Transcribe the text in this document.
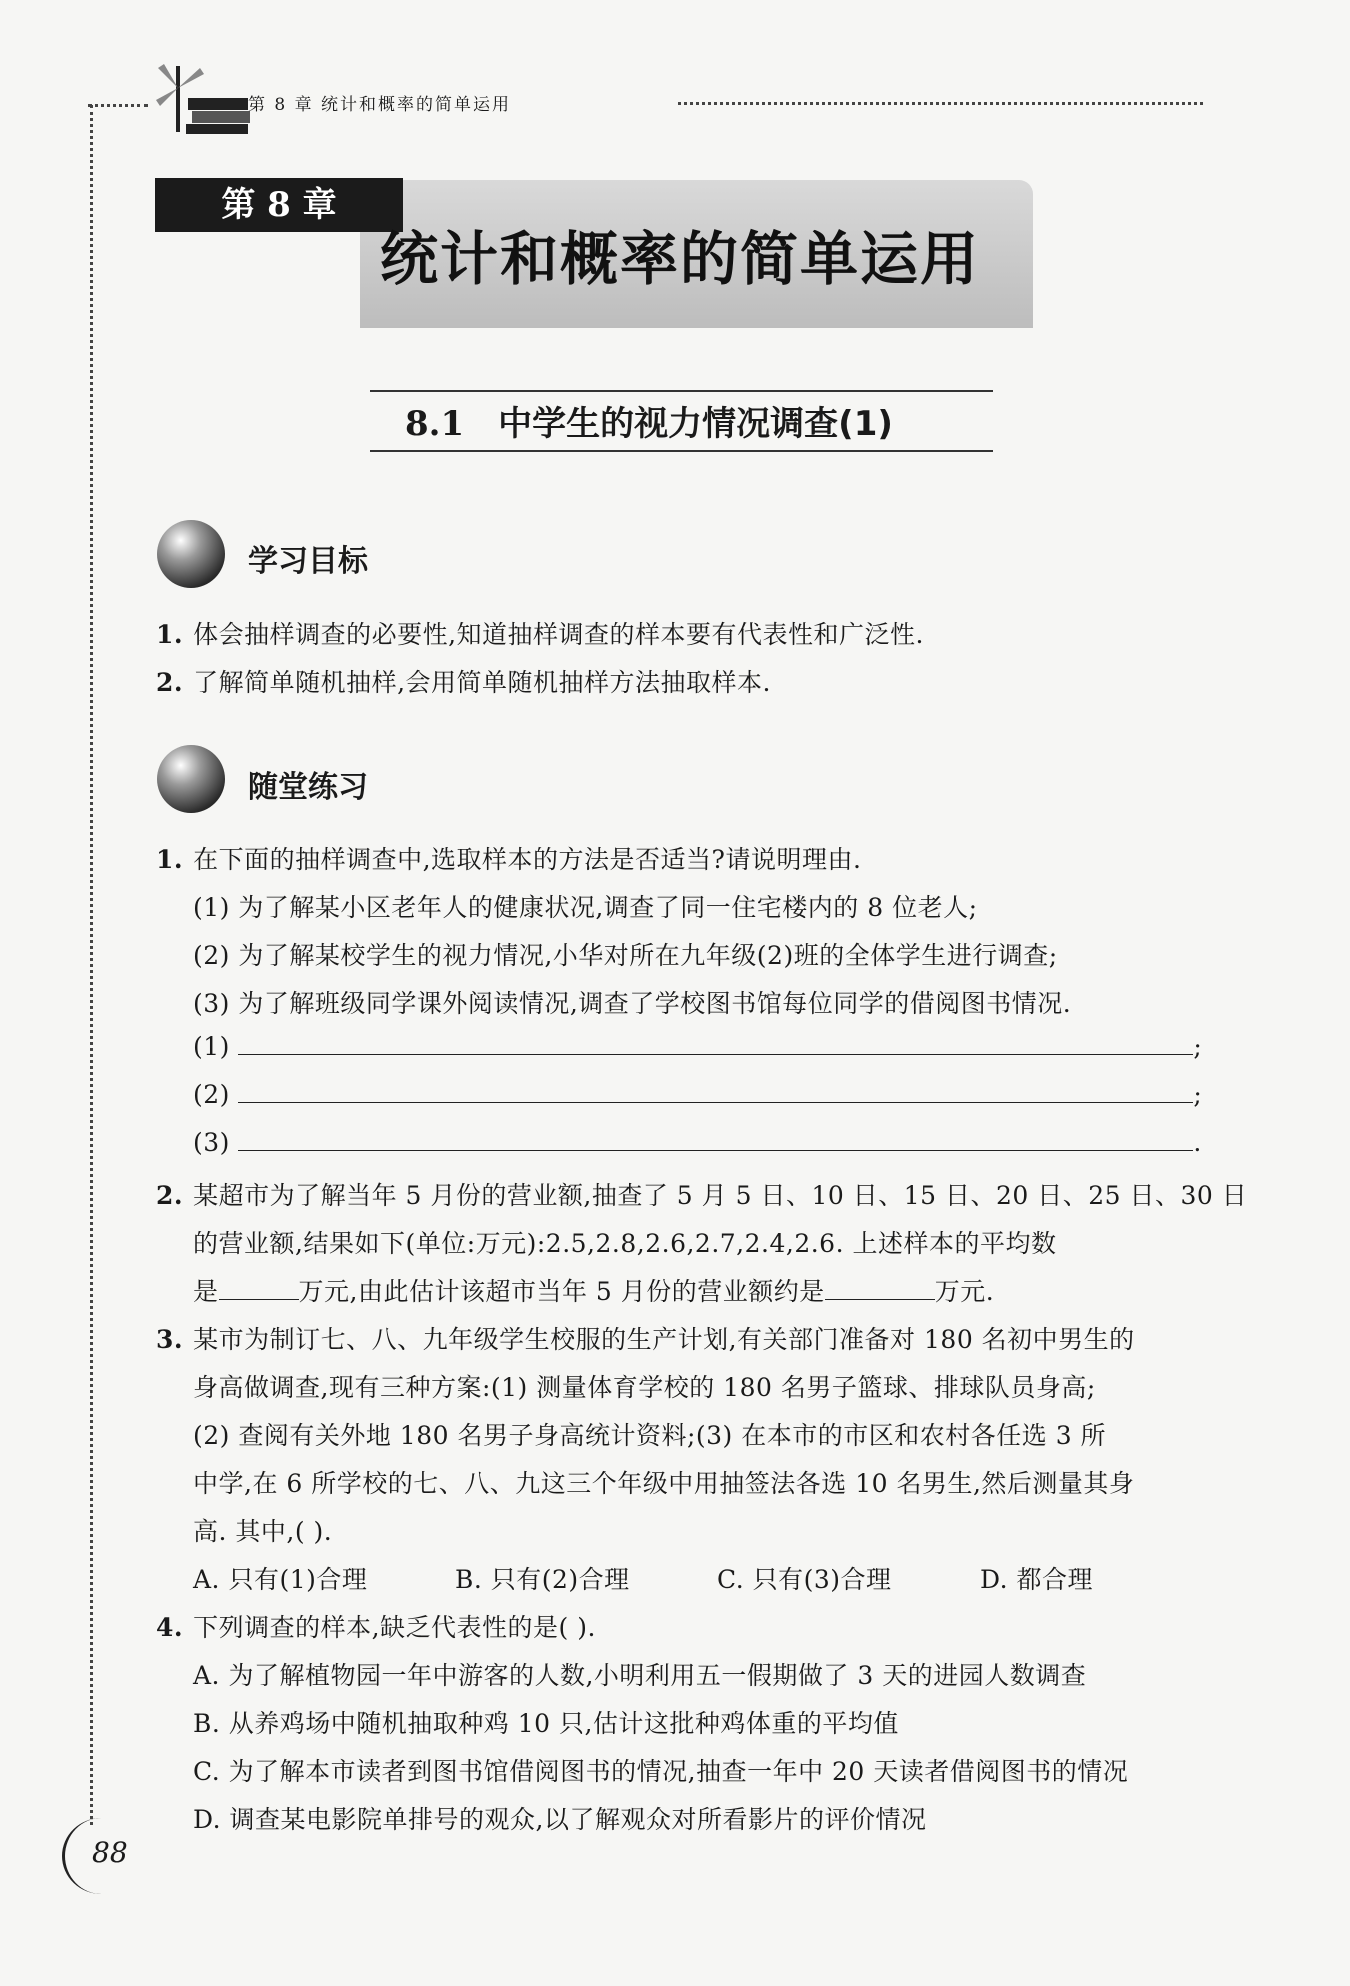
第 8 章 统计和概率的简单运用
第 8 章
统计和概率的简单运用
8.1 中学生的视力情况调查(1)
学习目标
1. 体会抽样调查的必要性,知道抽样调查的样本要有代表性和广泛性.
2. 了解简单随机抽样,会用简单随机抽样方法抽取样本.
随堂练习
1. 在下面的抽样调查中,选取样本的方法是否适当?请说明理由.
(1) 为了解某小区老年人的健康状况,调查了同一住宅楼内的 8 位老人;
(2) 为了解某校学生的视力情况,小华对所在九年级(2)班的全体学生进行调查;
(3) 为了解班级同学课外阅读情况,调查了学校图书馆每位同学的借阅图书情况.
(1)	;
(2)	;
(3)	.
2. 某超市为了解当年 5 月份的营业额,抽查了 5 月 5 日、10 日、15 日、20 日、25 日、30 日
的营业额,结果如下(单位:万元):2.5,2.8,2.6,2.7,2.4,2.6. 上述样本的平均数
是	万元,由此估计该超市当年 5 月份的营业额约是	万元.
3. 某市为制订七、八、九年级学生校服的生产计划,有关部门准备对 180 名初中男生的
身高做调查,现有三种方案:(1) 测量体育学校的 180 名男子篮球、排球队员身高;
(2) 查阅有关外地 180 名男子身高统计资料;(3) 在本市的市区和农村各任选 3 所
中学,在 6 所学校的七、八、九这三个年级中用抽签法各选 10 名男生,然后测量其身
高. 其中,( ).
A. 只有(1)合理	B. 只有(2)合理	C. 只有(3)合理	D. 都合理
4. 下列调查的样本,缺乏代表性的是( ).
A. 为了解植物园一年中游客的人数,小明利用五一假期做了 3 天的进园人数调查
B. 从养鸡场中随机抽取种鸡 10 只,估计这批种鸡体重的平均值
C. 为了解本市读者到图书馆借阅图书的情况,抽查一年中 20 天读者借阅图书的情况
D. 调查某电影院单排号的观众,以了解观众对所看影片的评价情况
88
